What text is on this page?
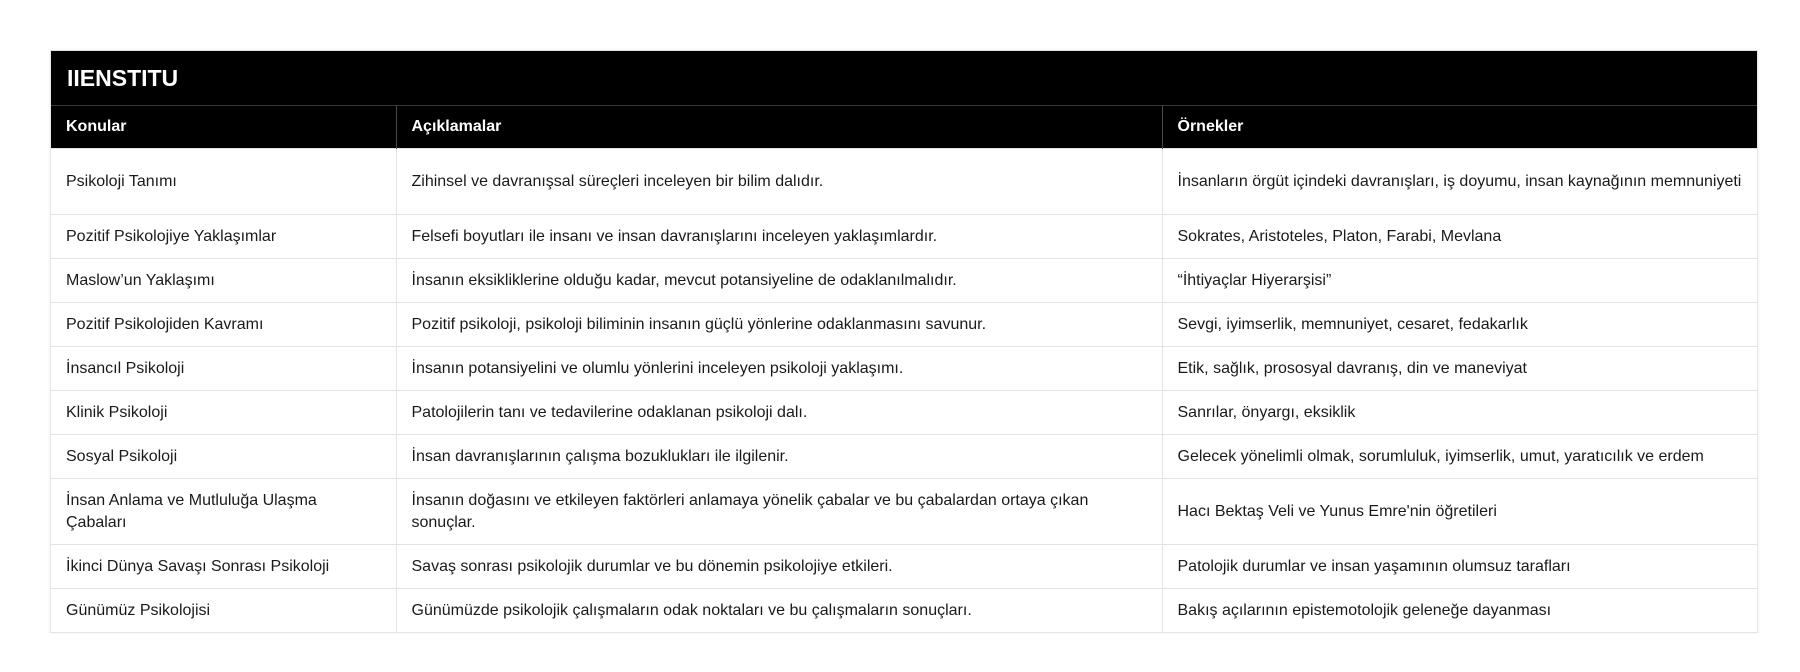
IIENSTITU
Konular	Açıklamalar	Örnekler
Psikoloji Tanımı	Zihinsel ve davranışsal süreçleri inceleyen bir bilim dalıdır.	İnsanların örgüt içindeki davranışları, iş doyumu, insan kaynağının memnuniyeti
Pozitif Psikolojiye Yaklaşımlar	Felsefi boyutları ile insanı ve insan davranışlarını inceleyen yaklaşımlardır.	Sokrates, Aristoteles, Platon, Farabi, Mevlana
Maslow’un Yaklaşımı	İnsanın eksikliklerine olduğu kadar, mevcut potansiyeline de odaklanılmalıdır.	“İhtiyaçlar Hiyerarşisi”
Pozitif Psikolojiden Kavramı	Pozitif psikoloji, psikoloji biliminin insanın güçlü yönlerine odaklanmasını savunur.	Sevgi, iyimserlik, memnuniyet, cesaret, fedakarlık
İnsancıl Psikoloji	İnsanın potansiyelini ve olumlu yönlerini inceleyen psikoloji yaklaşımı.	Etik, sağlık, prososyal davranış, din ve maneviyat
Klinik Psikoloji	Patolojilerin tanı ve tedavilerine odaklanan psikoloji dalı.	Sanrılar, önyargı, eksiklik
Sosyal Psikoloji	İnsan davranışlarının çalışma bozuklukları ile ilgilenir.	Gelecek yönelimli olmak, sorumluluk, iyimserlik, umut, yaratıcılık ve erdem
İnsan Anlama ve Mutluluğa Ulaşma Çabaları	İnsanın doğasını ve etkileyen faktörleri anlamaya yönelik çabalar ve bu çabalardan ortaya çıkan sonuçlar.	Hacı Bektaş Veli ve Yunus Emre'nin öğretileri
İkinci Dünya Savaşı Sonrası Psikoloji	Savaş sonrası psikolojik durumlar ve bu dönemin psikolojiye etkileri.	Patolojik durumlar ve insan yaşamının olumsuz tarafları
Günümüz Psikolojisi	Günümüzde psikolojik çalışmaların odak noktaları ve bu çalışmaların sonuçları.	Bakış açılarının epistemotolojik geleneğe dayanması
